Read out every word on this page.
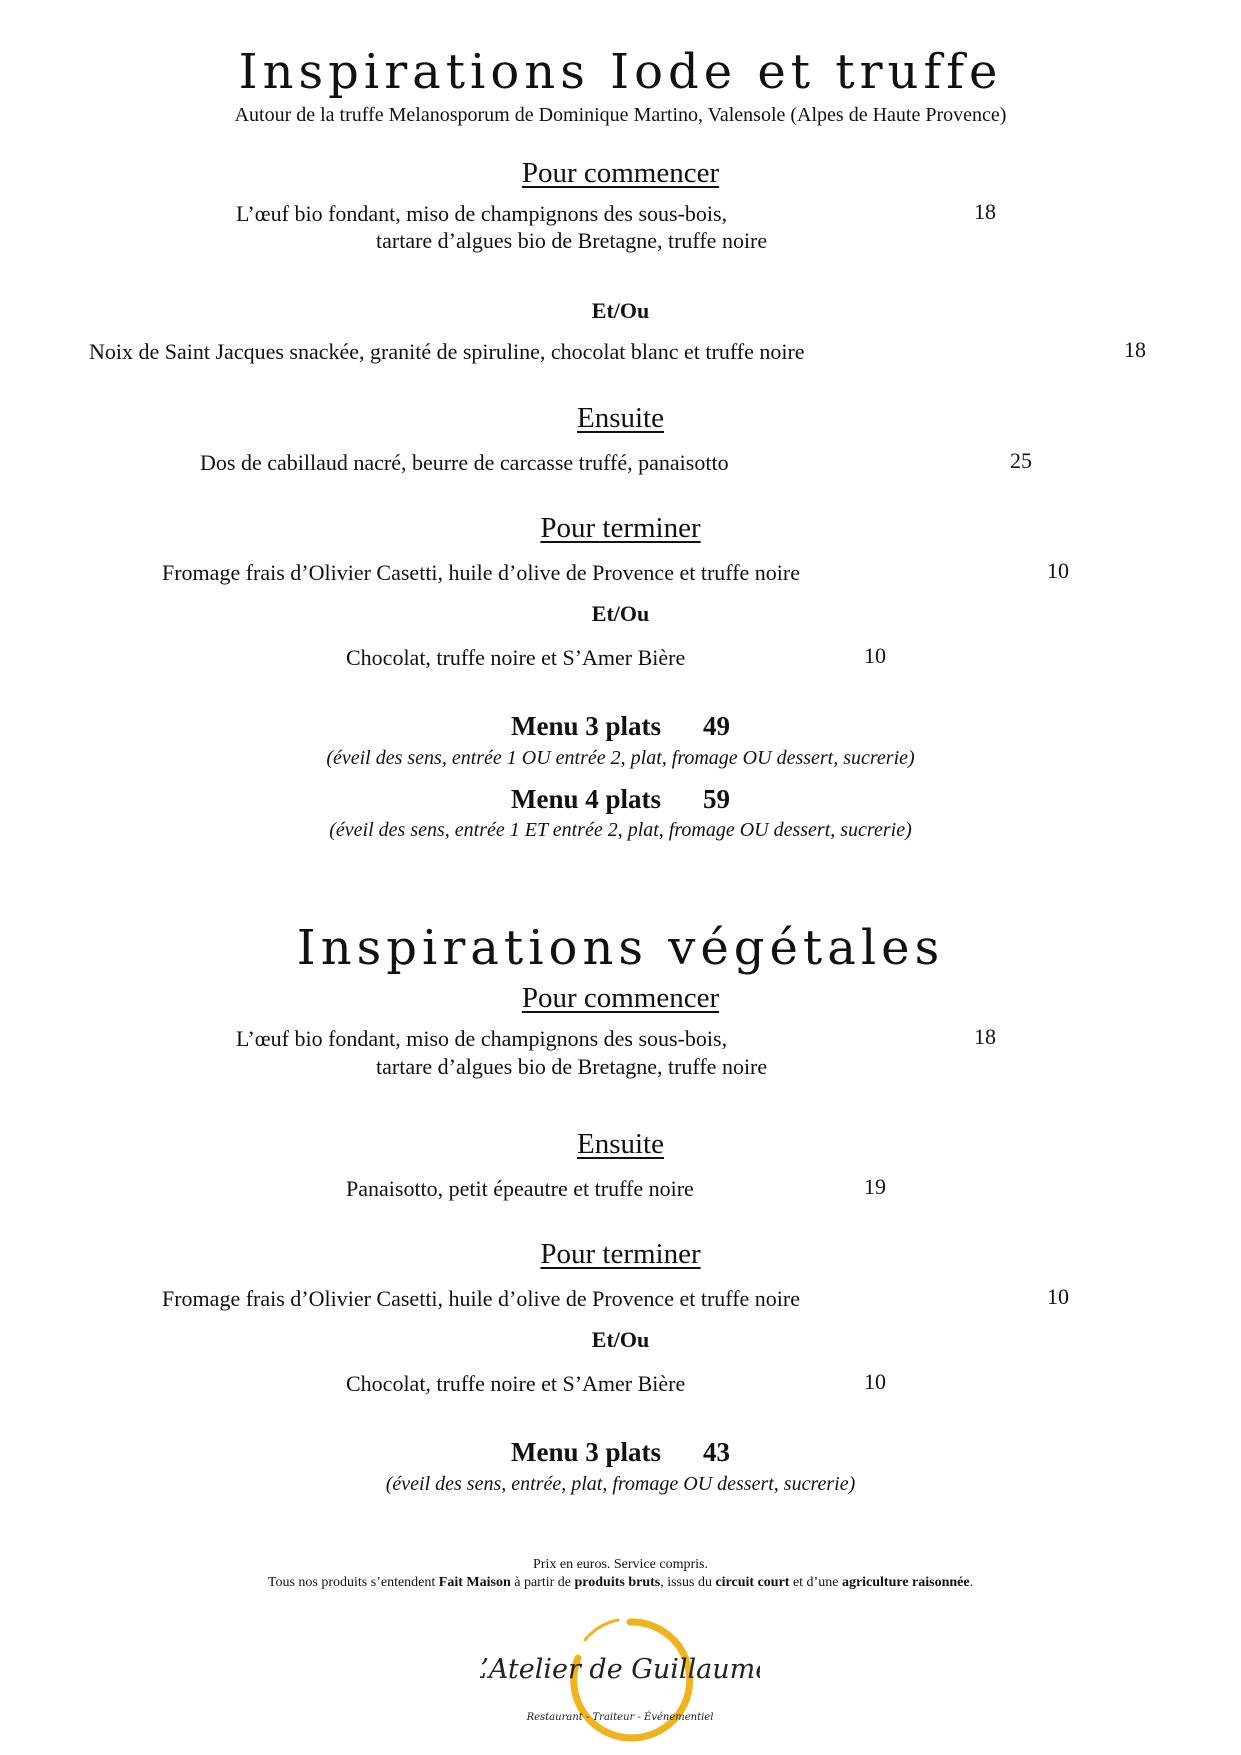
Inspirations Iode et truffe
Autour de la truffe Melanosporum de Dominique Martino, Valensole (Alpes de Haute Provence)
Pour commencer
L’œuf bio fondant, miso de champignons des sous-bois,
tartare d’algues bio de Bretagne, truffe noire
18
Et/Ou
Noix de Saint Jacques snackée, granité de spiruline, chocolat blanc et truffe noire	18
Ensuite
Dos de cabillaud nacré, beurre de carcasse truffé, panaisotto	25
Pour terminer
Fromage frais d’Olivier Casetti, huile d’olive de Provence et truffe noire	10
Et/Ou
Chocolat, truffe noire et S’Amer Bière	10
Menu 3 plats 49
(éveil des sens, entrée 1 OU entrée 2, plat, fromage OU dessert, sucrerie)
Menu 4 plats 59
(éveil des sens, entrée 1 ET entrée 2, plat, fromage OU dessert, sucrerie)
Inspirations végétales
Pour commencer
L’œuf bio fondant, miso de champignons des sous-bois,
tartare d’algues bio de Bretagne, truffe noire
18
Ensuite
Panaisotto, petit épeautre et truffe noire	19
Pour terminer
Fromage frais d’Olivier Casetti, huile d’olive de Provence et truffe noire	10
Et/Ou
Chocolat, truffe noire et S’Amer Bière	10
Menu 3 plats 43
(éveil des sens, entrée, plat, fromage OU dessert, sucrerie)
Prix en euros. Service compris.
Tous nos produits s’entendent Fait Maison à partir de produits bruts, issus du circuit court et d’une agriculture raisonnée.
L’Atelier de Guillaume
Restaurant - Traiteur - Événementiel
